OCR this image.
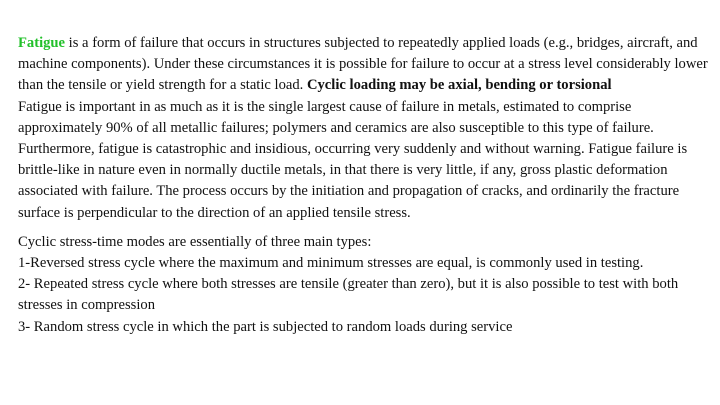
Fatigue is a form of failure that occurs in structures subjected to repeatedly applied loads (e.g., bridges, aircraft, and machine components). Under these circumstances it is possible for failure to occur at a stress level considerably lower than the tensile or yield strength for a static load. Cyclic loading may be axial, bending or torsional

Fatigue is important in as much as it is the single largest cause of failure in metals, estimated to comprise approximately 90% of all metallic failures; polymers and ceramics are also susceptible to this type of failure. Furthermore, fatigue is catastrophic and insidious, occurring very suddenly and without warning. Fatigue failure is brittle-like in nature even in normally ductile metals, in that there is very little, if any, gross plastic deformation associated with failure. The process occurs by the initiation and propagation of cracks, and ordinarily the fracture surface is perpendicular to the direction of an applied tensile stress.

Cyclic stress-time modes are essentially of three main types:
1-Reversed stress cycle where the maximum and minimum stresses are equal, is commonly used in testing.
2- Repeated stress cycle where both stresses are tensile (greater than zero), but it is also possible to test with both stresses in compression
3- Random stress cycle in which the part is subjected to random loads during service
